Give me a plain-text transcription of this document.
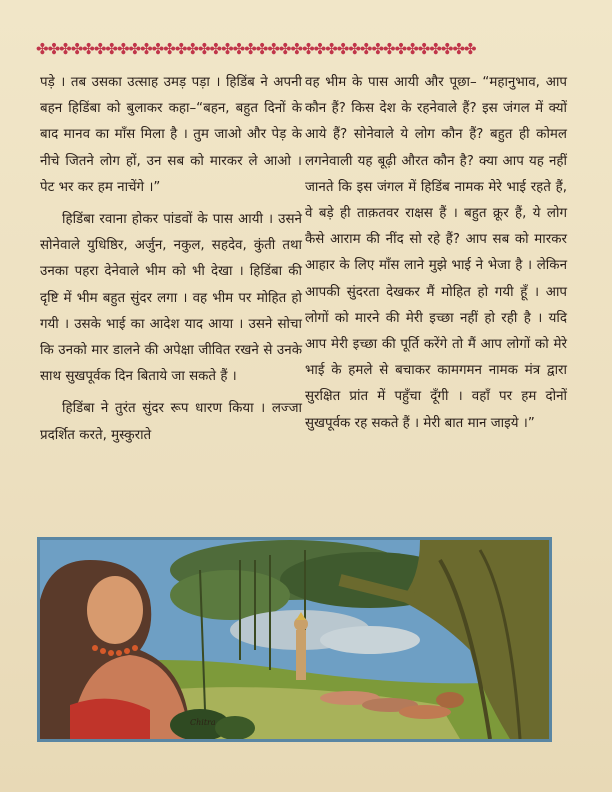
✤✤✤✤✤✤✤✤✤✤✤✤✤✤✤✤✤✤✤✤✤✤✤✤✤✤✤✤✤✤✤✤✤✤✤✤✤✤

पड़े । तब उसका उत्साह उमड़ पड़ा । हिडिंब ने अपनी बहन हिडिंबा को बुलाकर कहा–“बहन, बहुत दिनों के बाद मानव का माँस मिला है । तुम जाओ और पेड़ के नीचे जितने लोग हों, उन सब को मारकर ले आओ । पेट भर कर हम नाचेंगे ।”

हिडिंबा रवाना होकर पांडवों के पास आयी । उसने सोनेवाले युधिष्ठिर, अर्जुन, नकुल, सहदेव, कुंती तथा उनका पहरा देनेवाले भीम को भी देखा । हिडिंबा की दृष्टि में भीम बहुत सुंदर लगा । वह भीम पर मोहित हो गयी । उसके भाई का आदेश याद आया । उसने सोचा कि उनको मार डालने की अपेक्षा जीवित रखने से उनके साथ सुखपूर्वक दिन बिताये जा सकते हैं ।

हिडिंबा ने तुरंत सुंदर रूप धारण किया । लज्जा प्रदर्शित करते, मुस्कुराते

वह भीम के पास आयी और पूछा– “महानुभाव, आप कौन हैं? किस देश के रहनेवाले हैं? इस जंगल में क्यों आये हैं? सोनेवाले ये लोग कौन हैं? बहुत ही कोमल लगनेवाली यह बूढ़ी औरत कौन है? क्या आप यह नहीं जानते कि इस जंगल में हिडिंब नामक मेरे भाई रहते हैं, वे बड़े ही ताक़तवर राक्षस हैं । बहुत क्रूर हैं, ये लोग कैसे आराम की नींद सो रहे हैं? आप सब को मारकर आहार के लिए माँस लाने मुझे भाई ने भेजा है । लेकिन आपकी सुंदरता देखकर मैं मोहित हो गयी हूँ । आप लोगों को मारने की मेरी इच्छा नहीं हो रही है । यदि आप मेरी इच्छा की पूर्ति करेंगे तो मैं आप लोगों को मेरे भाई के हमले से बचाकर कामगमन नामक मंत्र द्वारा सुरक्षित प्रांत में पहुँचा दूँगी । वहाँ पर हम दोनों सुखपूर्वक रह सकते हैं । मेरी बात मान जाइये ।”

Chitra
